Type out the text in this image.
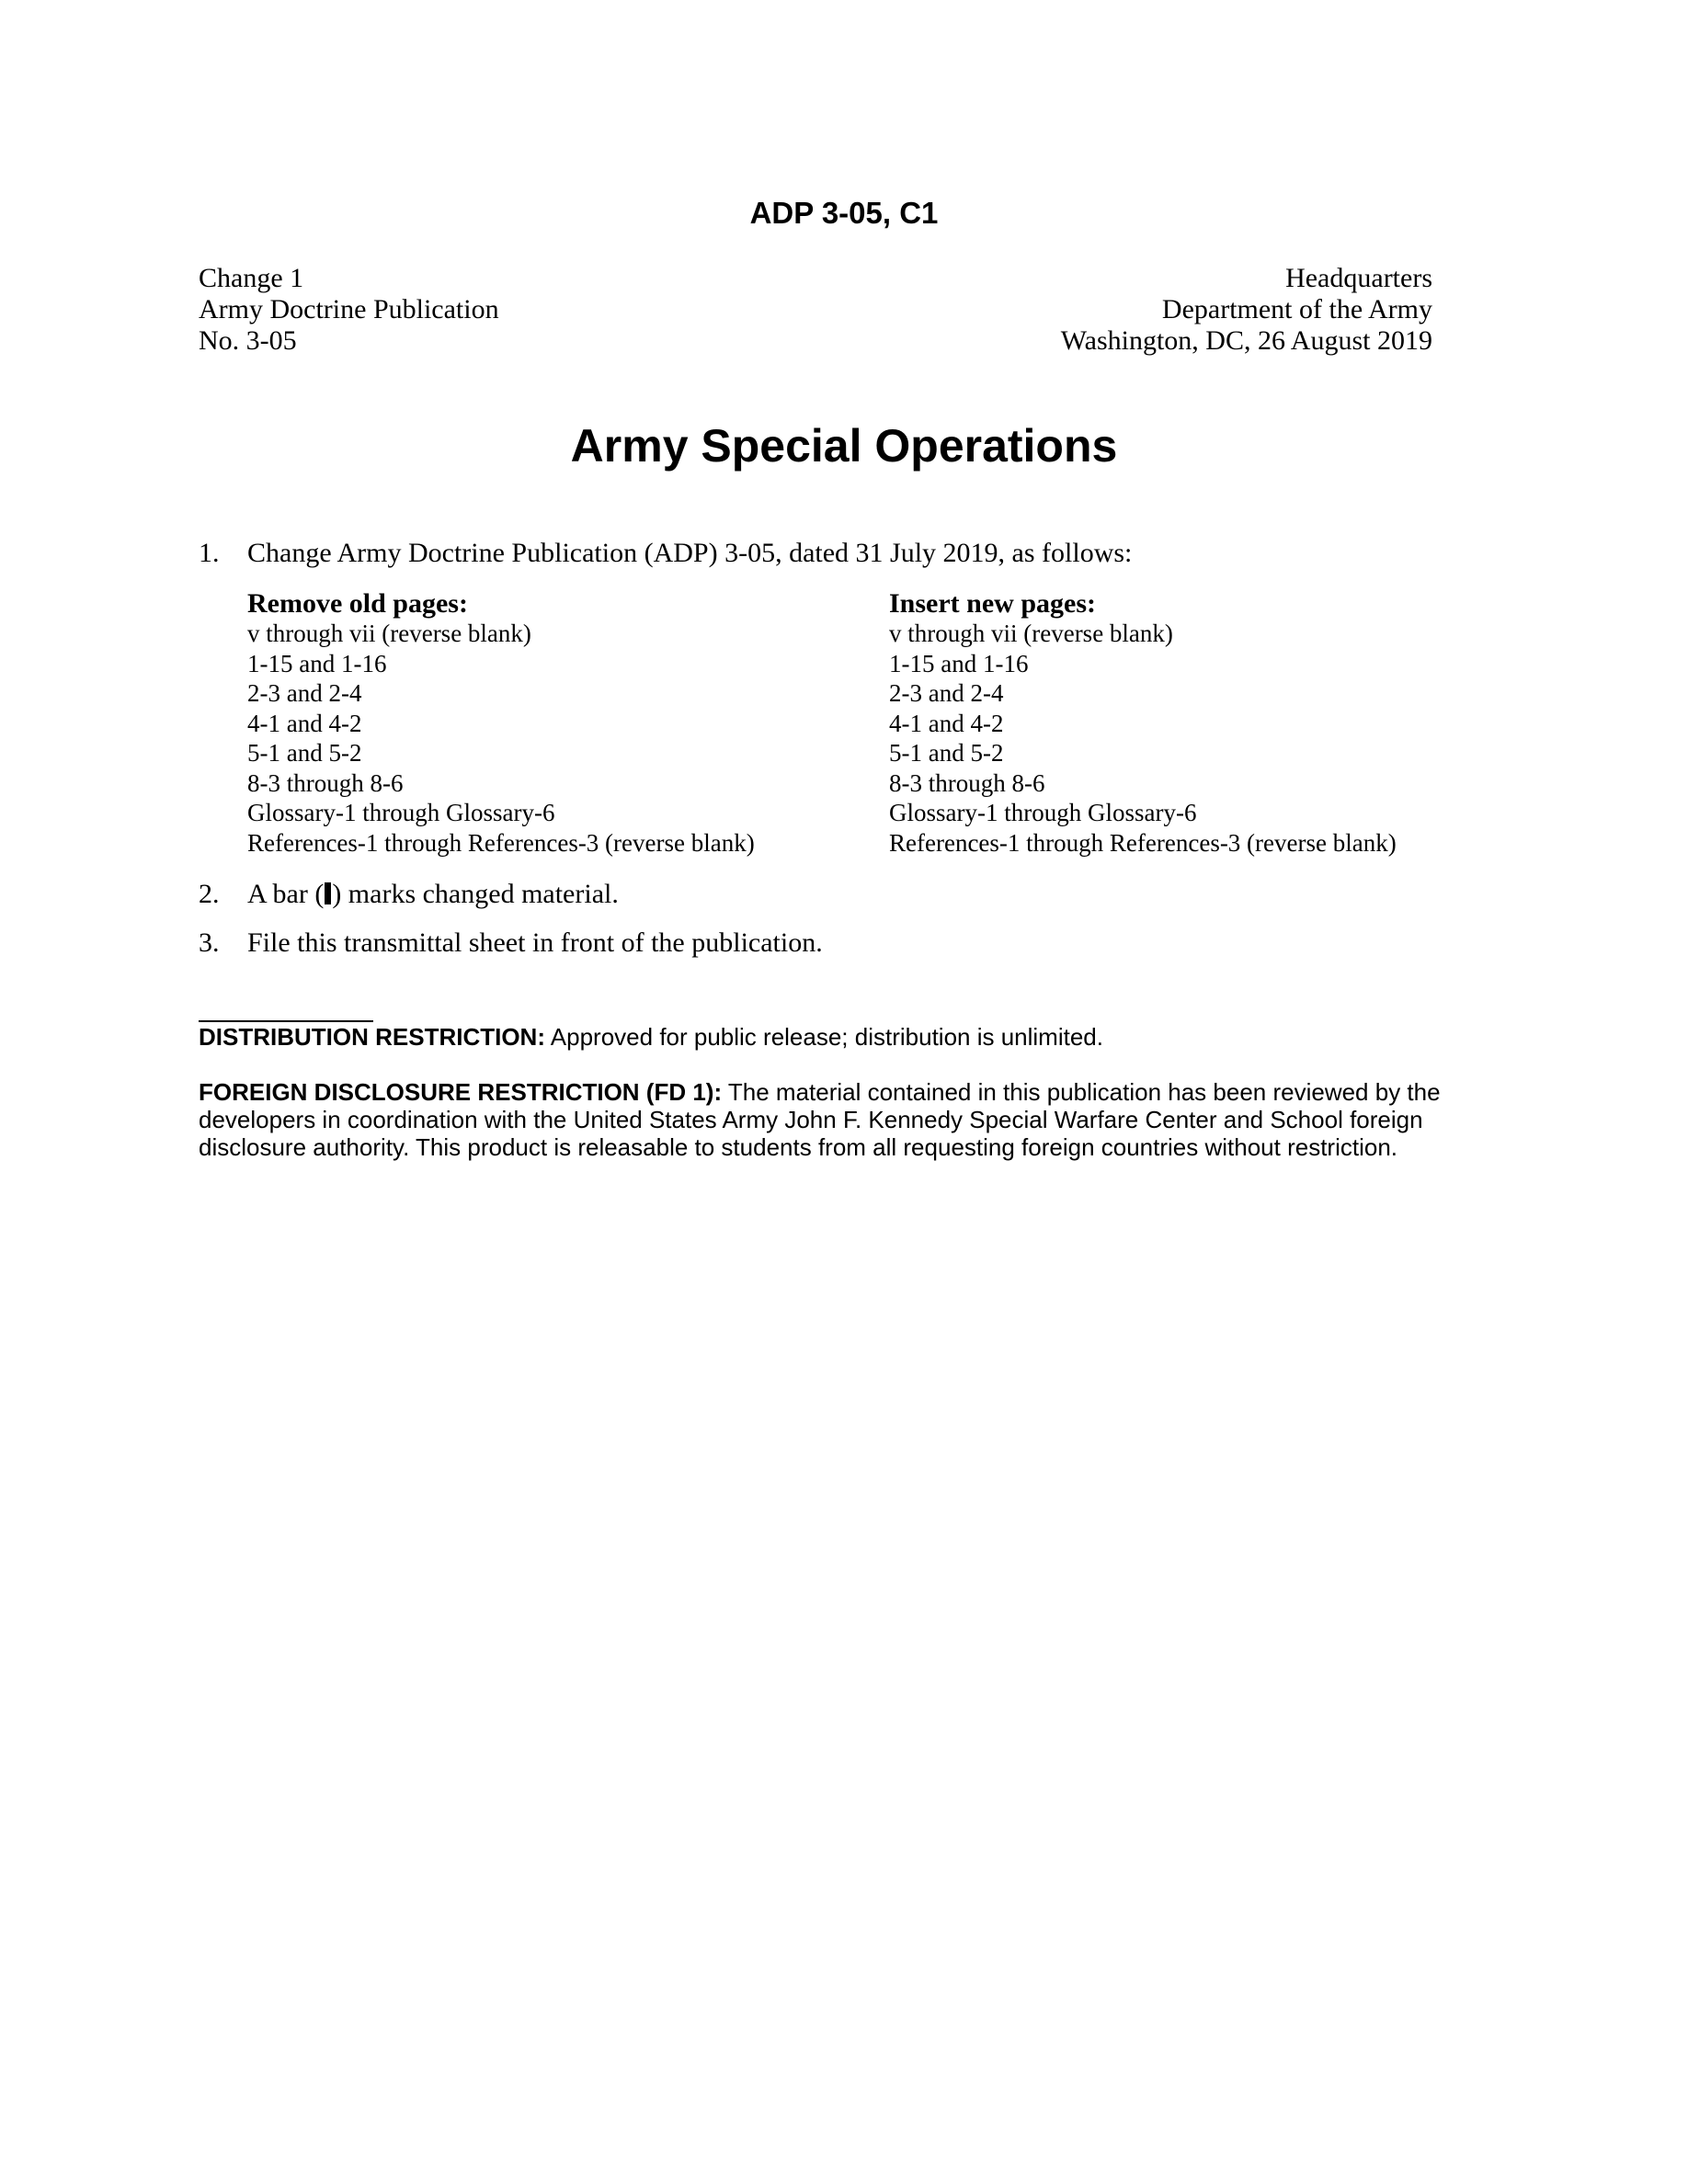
ADP 3-05, C1
Change 1
Army Doctrine Publication
No. 3-05
Headquarters
Department of the Army
Washington, DC, 26 August 2019
Army Special Operations
1. Change Army Doctrine Publication (ADP) 3-05, dated 31 July 2019, as follows:
Remove old pages:
v through vii (reverse blank)
1-15 and 1-16
2-3 and 2-4
4-1 and 4-2
5-1 and 5-2
8-3 through 8-6
Glossary-1 through Glossary-6
References-1 through References-3 (reverse blank)
Insert new pages:
v through vii (reverse blank)
1-15 and 1-16
2-3 and 2-4
4-1 and 4-2
5-1 and 5-2
8-3 through 8-6
Glossary-1 through Glossary-6
References-1 through References-3 (reverse blank)
2. A bar ( ) marks changed material.
3. File this transmittal sheet in front of the publication.
DISTRIBUTION RESTRICTION: Approved for public release; distribution is unlimited.
FOREIGN DISCLOSURE RESTRICTION (FD 1): The material contained in this publication has been reviewed by the developers in coordination with the United States Army John F. Kennedy Special Warfare Center and School foreign disclosure authority. This product is releasable to students from all requesting foreign countries without restriction.
